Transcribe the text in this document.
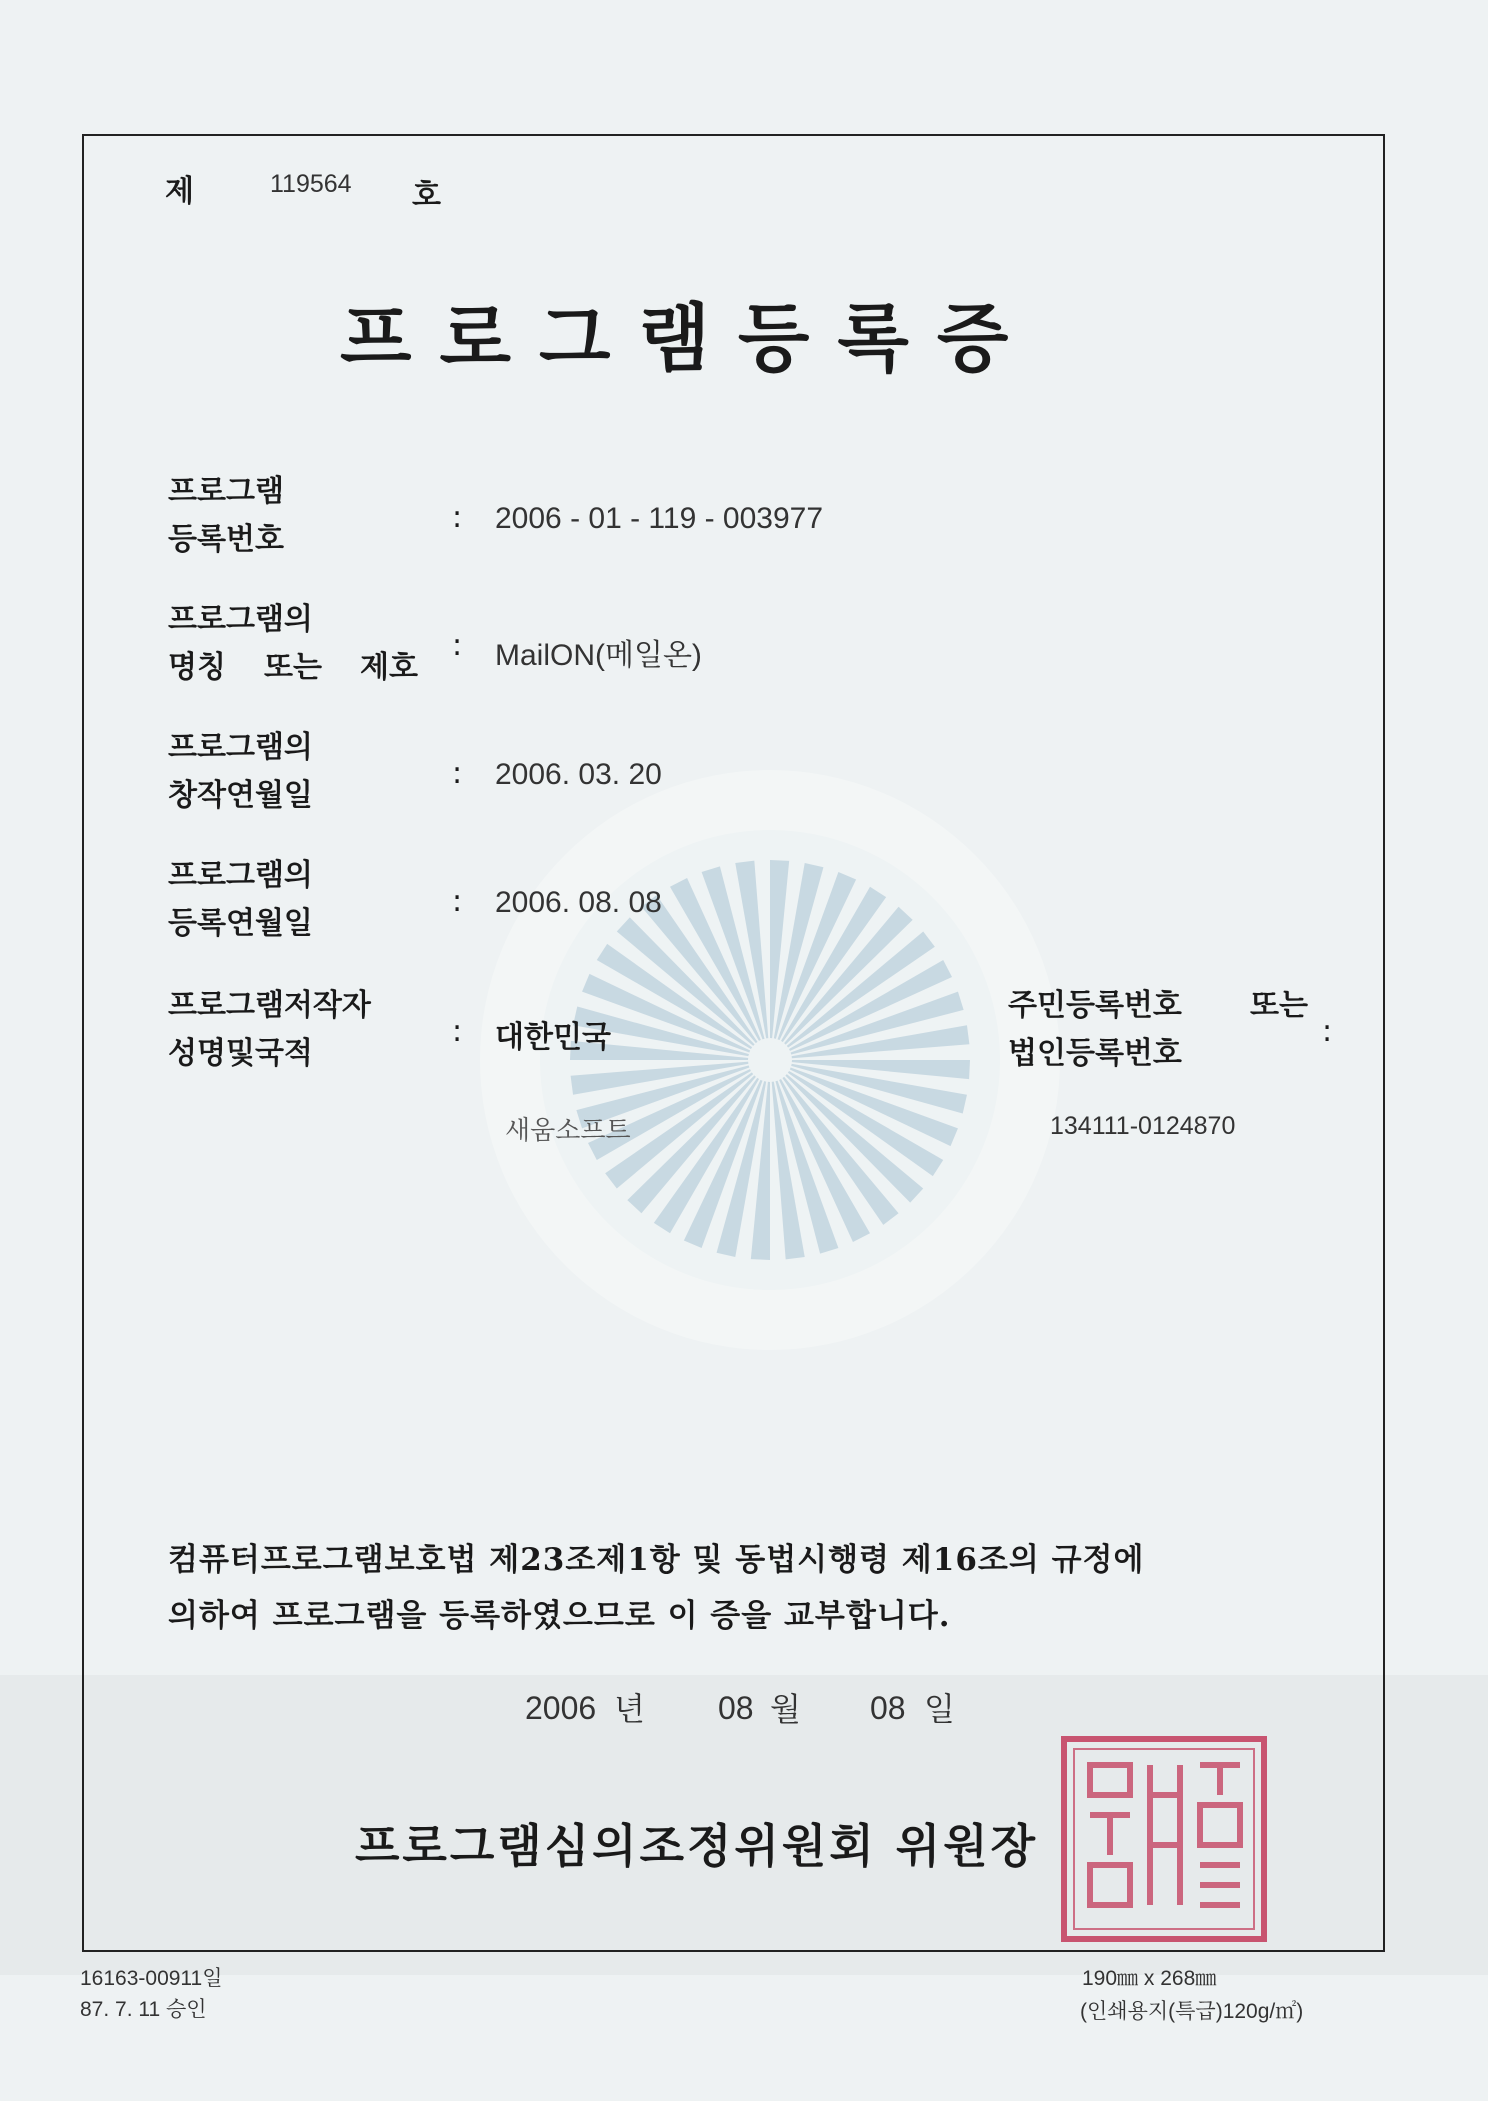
제	119564 호
프로그램등록증
프로그램
등록번호
: 2006 - 01 - 119 - 003977
프로그램의
명칭 또는 제호
: MailON(메일온)
프로그램의
창작연월일
: 2006. 03. 20
프로그램의
등록연월일
: 2006. 08. 08
프로그램저작자
성명및국적
: 대한민국
새움소프트
주민등록번호 또는
법인등록번호
:
134111-0124870
컴퓨터프로그램보호법 제23조제1항 및 동법시행령 제16조의 규정에
의하여 프로그램을 등록하였으므로 이 증을 교부합니다.
2006 년 08 월 08 일
프로그램심의조정위원회 위원장
16163-00911일
87. 7. 11 승인
190㎜ x 268㎜
(인쇄용지(특급)120g/㎡)
